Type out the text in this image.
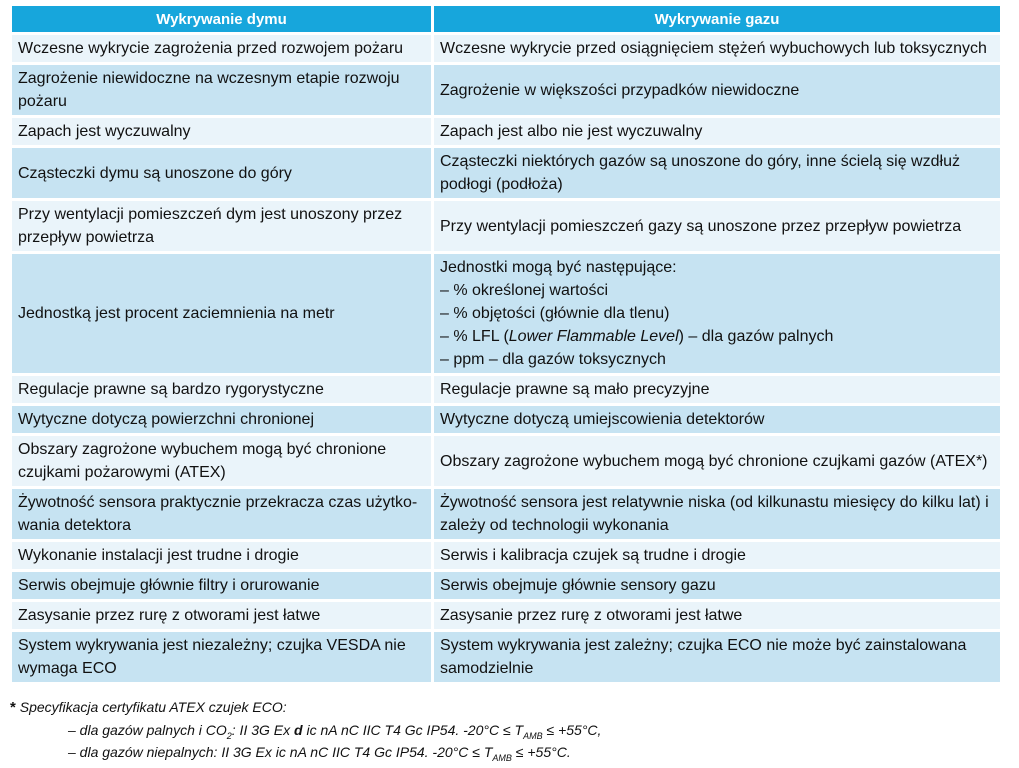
Wykrywanie dymu	Wykrywanie gazu
Wczesne wykrycie zagrożenia przed rozwojem pożaru	Wczesne wykrycie przed osiągnięciem stężeń wybuchowych lub toksycznych
Zagrożenie niewidoczne na wczesnym etapie rozwoju pożaru	Zagrożenie w większości przypadków niewidoczne
Zapach jest wyczuwalny	Zapach jest albo nie jest wyczuwalny
Cząsteczki dymu są unoszone do góry	Cząsteczki niektórych gazów są unoszone do góry, inne ścielą się wzdłuż podłogi (podłoża)
Przy wentylacji pomieszczeń dym jest unoszony przez przepływ powietrza	Przy wentylacji pomieszczeń gazy są unoszone przez przepływ powietrza
Jednostką jest procent zaciemnienia na metr	Jednostki mogą być następujące:
– % określonej wartości
– % objętości (głównie dla tlenu)
– % LFL (Lower Flammable Level) – dla gazów palnych
– ppm – dla gazów toksycznych

Regulacje prawne są bardzo rygorystyczne	Regulacje prawne są mało precyzyjne
Wytyczne dotyczą powierzchni chronionej	Wytyczne dotyczą umiejscowienia detektorów
Obszary zagrożone wybuchem mogą być chronione czujkami pożarowymi (ATEX)	Obszary zagrożone wybuchem mogą być chronione czujkami gazów (ATEX*)
Żywotność sensora praktycznie przekracza czas użytko-wania detektora	Żywotność sensora jest relatywnie niska (od kilkunastu miesięcy do kilku lat) i zależy od technologii wykonania
Wykonanie instalacji jest trudne i drogie	Serwis i kalibracja czujek są trudne i drogie
Serwis obejmuje głównie filtry i orurowanie	Serwis obejmuje głównie sensory gazu
Zasysanie przez rurę z otworami jest łatwe	Zasysanie przez rurę z otworami jest łatwe
System wykrywania jest niezależny; czujka VESDA nie wymaga ECO	System wykrywania jest zależny; czujka ECO nie może być zainstalowana samodzielnie
* Specyfikacja certyfikatu ATEX czujek ECO:
– dla gazów palnych i $CO_2$: II 3G Ex d ic nA nC IIC T4 Gc IP54. $-20^\circ C \le T_{AMB} \le +55^\circ C$,
– dla gazów niepalnych: II 3G Ex ic nA nC IIC T4 Gc IP54. $-20^\circ C \le T_{AMB} \le +55^\circ C$.
